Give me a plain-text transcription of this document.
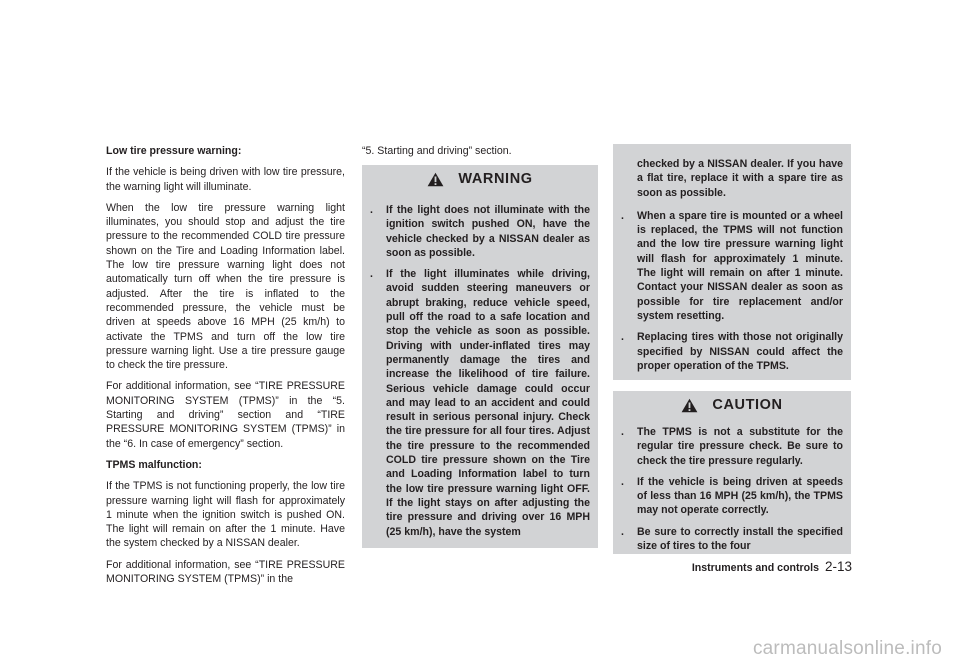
Low tire pressure warning:

If the vehicle is being driven with low tire pressure, the warning light will illuminate.

When the low tire pressure warning light illuminates, you should stop and adjust the tire pressure to the recommended COLD tire pressure shown on the Tire and Loading Information label. The low tire pressure warning light does not automatically turn off when the tire pressure is adjusted. After the tire is inflated to the recommended pressure, the vehicle must be driven at speeds above 16 MPH (25 km/h) to activate the TPMS and turn off the low tire pressure warning light. Use a tire pressure gauge to check the tire pressure.

For additional information, see “TIRE PRESSURE MONITORING SYSTEM (TPMS)” in the “5. Starting and driving” section and “TIRE PRESSURE MONITORING SYSTEM (TPMS)” in the “6. In case of emergency” section.

TPMS malfunction:

If the TPMS is not functioning properly, the low tire pressure warning light will flash for approximately 1 minute when the ignition switch is pushed ON. The light will remain on after the 1 minute. Have the system checked by a NISSAN dealer.

For additional information, see “TIRE PRESSURE MONITORING SYSTEM (TPMS)” in the

“5. Starting and driving” section.

WARNING
. If the light does not illuminate with the ignition switch pushed ON, have the vehicle checked by a NISSAN dealer as soon as possible.
. If the light illuminates while driving, avoid sudden steering maneuvers or abrupt braking, reduce vehicle speed, pull off the road to a safe location and stop the vehicle as soon as possible. Driving with under-inflated tires may permanently damage the tires and increase the likelihood of tire failure. Serious vehicle damage could occur and may lead to an accident and could result in serious personal injury. Check the tire pressure for all four tires. Adjust the tire pressure to the recommended COLD tire pressure shown on the Tire and Loading Information label to turn the low tire pressure warning light OFF. If the light stays on after adjusting the tire pressure and driving over 16 MPH (25 km/h), have the system

checked by a NISSAN dealer. If you have a flat tire, replace it with a spare tire as soon as possible.

. When a spare tire is mounted or a wheel is replaced, the TPMS will not function and the low tire pressure warning light will flash for approximately 1 minute. The light will remain on after 1 minute. Contact your NISSAN dealer as soon as possible for tire replacement and/or system resetting.
. Replacing tires with those not originally specified by NISSAN could affect the proper operation of the TPMS.
CAUTION
. The TPMS is not a substitute for the regular tire pressure check. Be sure to check the tire pressure regularly.
. If the vehicle is being driven at speeds of less than 16 MPH (25 km/h), the TPMS may not operate correctly.
. Be sure to correctly install the specified size of tires to the four
Instruments and controls 2-13
carmanualsonline.info
